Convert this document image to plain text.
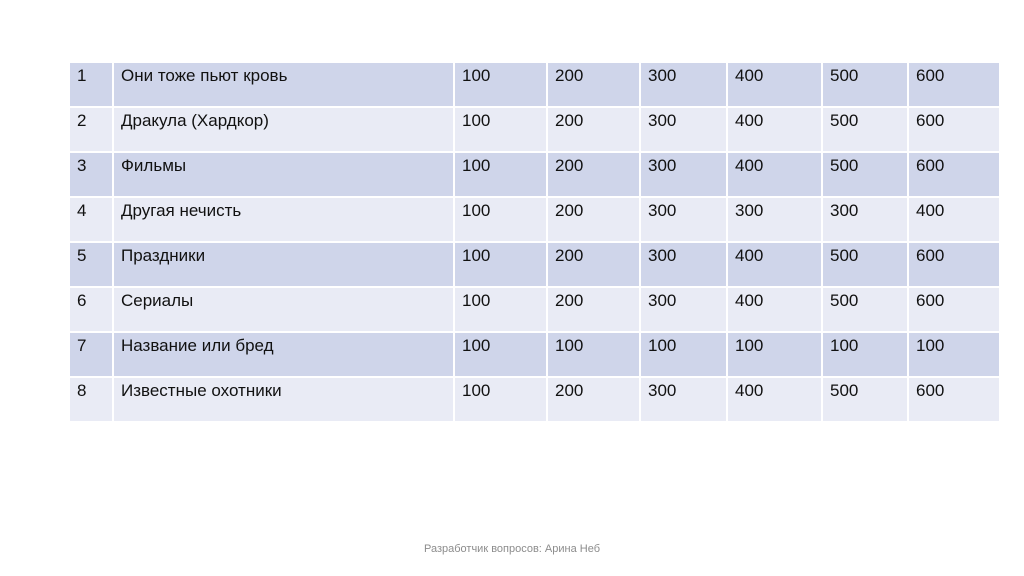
1	Они тоже пьют кровь	100	200	300	400	500	600
2	Дракула (Хардкор)	100	200	300	400	500	600
3	Фильмы	100	200	300	400	500	600
4	Другая нечисть	100	200	300	300	300	400
5	Праздники	100	200	300	400	500	600
6	Сериалы	100	200	300	400	500	600
7	Название или бред	100	100	100	100	100	100
8	Известные охотники	100	200	300	400	500	600
Разработчик вопросов: Арина Неб
